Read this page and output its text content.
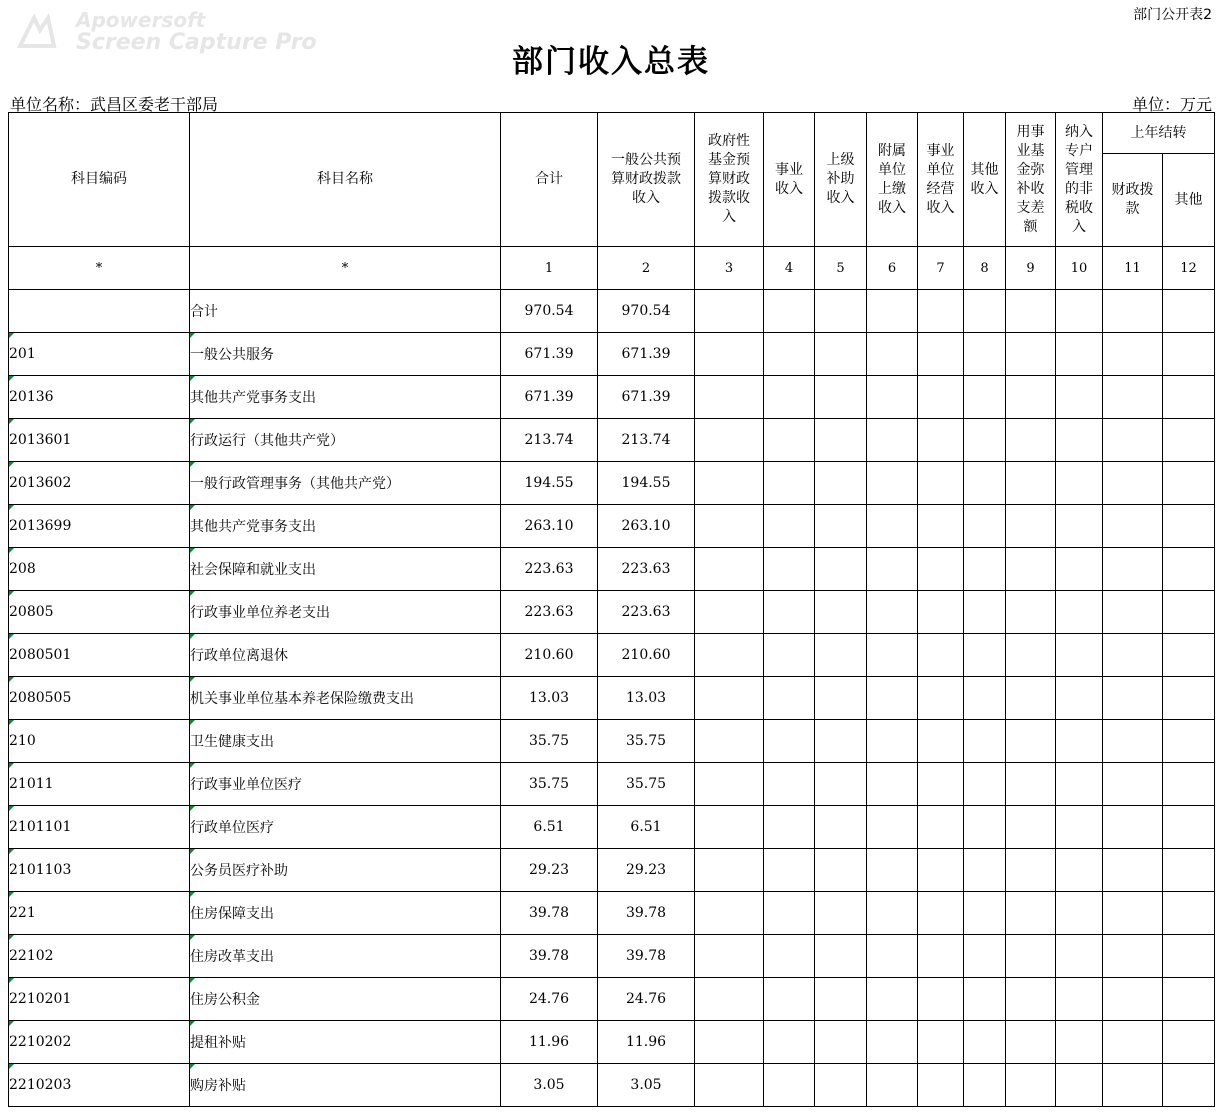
Apowersoft
Screen Capture Pro
部门公开表2
部门收入总表
单位名称：武昌区委老干部局	单位：万元
科目编码	科目名称	合计	一般公共预算财政拨款收入	政府性基金预算财政拨款收入	事业收入	上级补助收入	附属单位上缴收入	事业单位经营收入	其他收入	用事业基金弥补收支差额	纳入专户管理的非税收入	上年结转	
												财政拨款	其他
*	*	1	2	3	4	5	6	7	8	9	10	11	12
	合计	970.54	970.54										
201	一般公共服务	671.39	671.39										
20136	其他共产党事务支出	671.39	671.39										
2013601	行政运行（其他共产党）	213.74	213.74										
2013602	一般行政管理事务（其他共产党）	194.55	194.55										
2013699	其他共产党事务支出	263.10	263.10										
208	社会保障和就业支出	223.63	223.63										
20805	行政事业单位养老支出	223.63	223.63										
2080501	行政单位离退休	210.60	210.60										
2080505	机关事业单位基本养老保险缴费支出	13.03	13.03										
210	卫生健康支出	35.75	35.75										
21011	行政事业单位医疗	35.75	35.75										
2101101	行政单位医疗	6.51	6.51										
2101103	公务员医疗补助	29.23	29.23										
221	住房保障支出	39.78	39.78										
22102	住房改革支出	39.78	39.78										
2210201	住房公积金	24.76	24.76										
2210202	提租补贴	11.96	11.96										
2210203	购房补贴	3.05	3.05										
